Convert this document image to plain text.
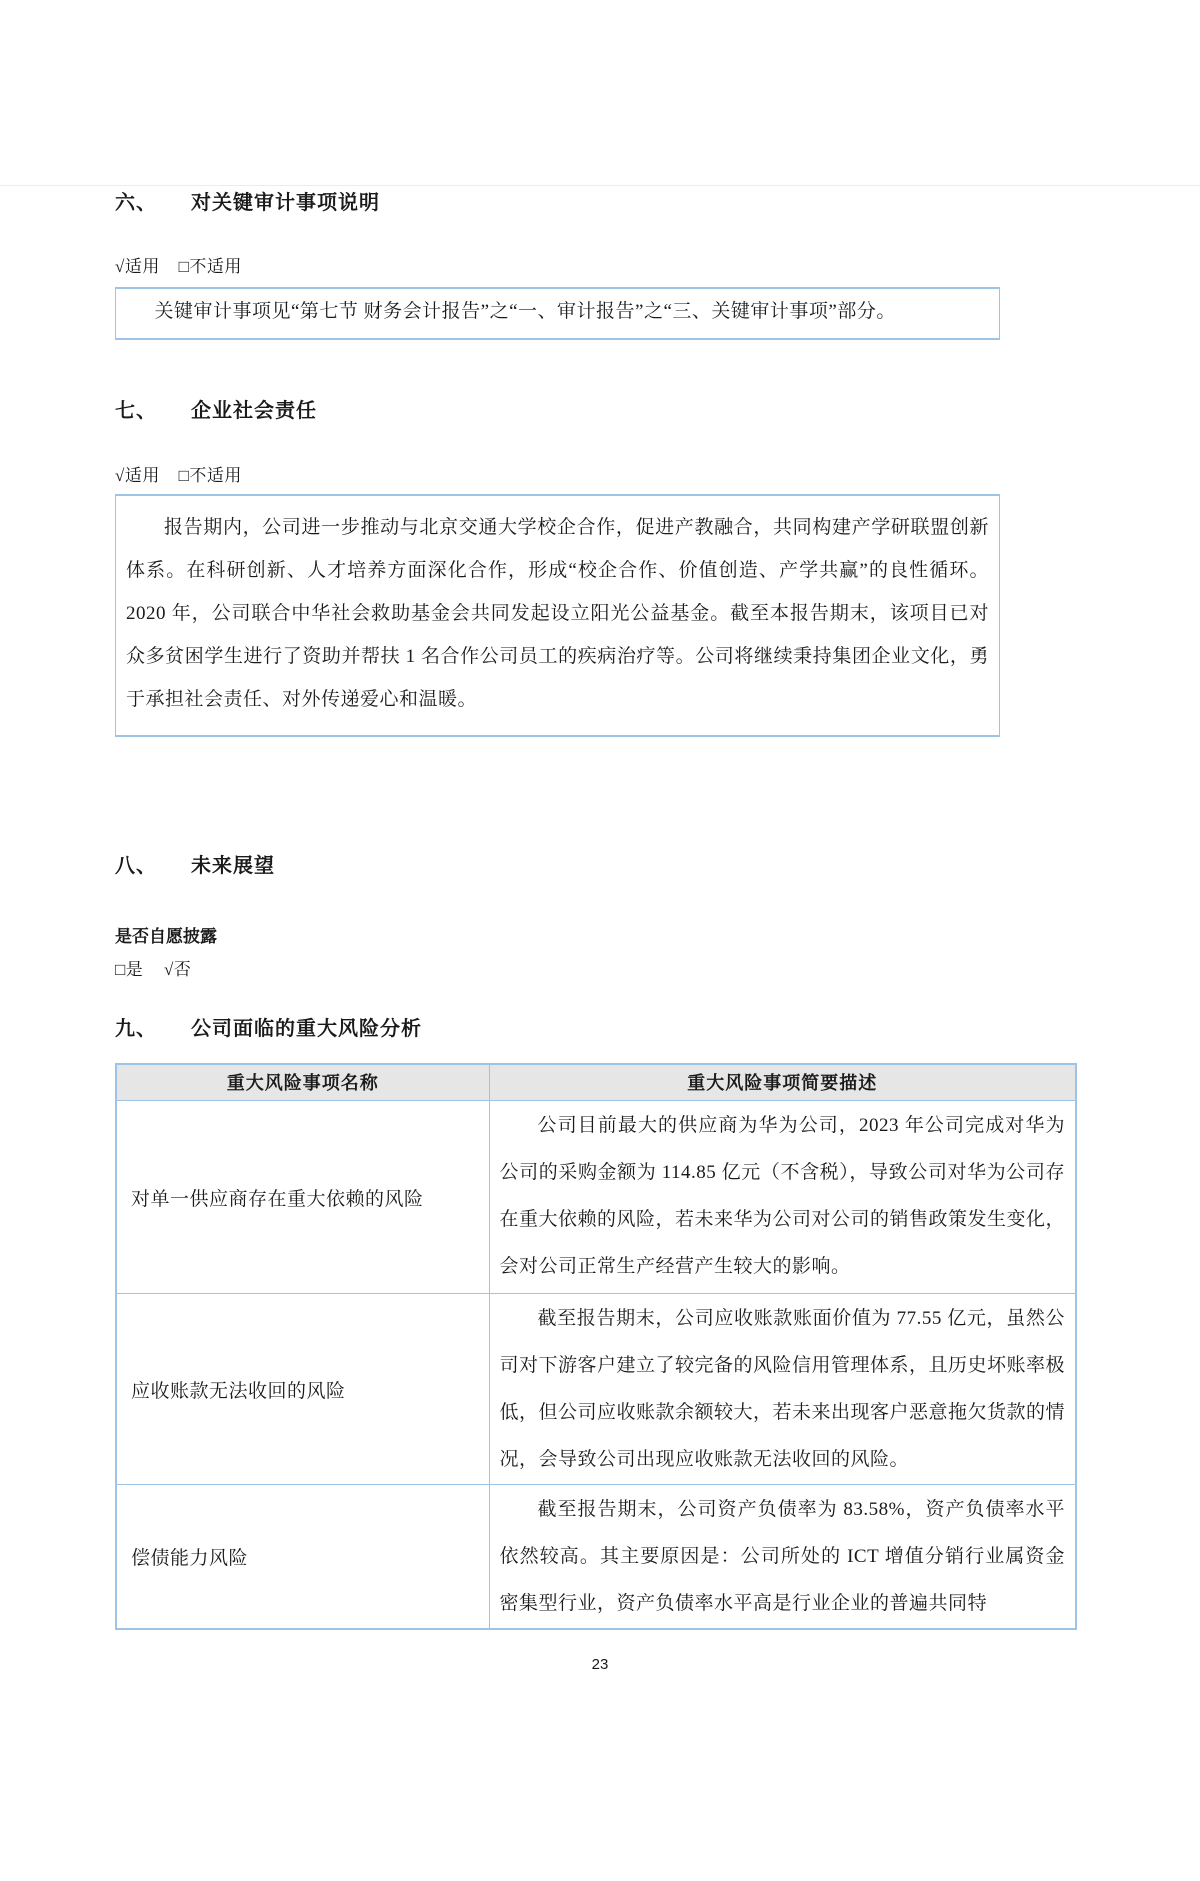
六、	对关键审计事项说明
√适用 □不适用

关键审计事项见“第七节 财务会计报告”之“一、审计报告”之“三、关键审计事项”部分。

七、	企业社会责任
√适用 □不适用

报告期内，公司进一步推动与北京交通大学校企合作，促进产教融合，共同构建产学研联盟创新体系。在科研创新、人才培养方面深化合作，形成“校企合作、价值创造、产学共赢”的良性循环。2020 年，公司联合中华社会救助基金会共同发起设立阳光公益基金。截至本报告期末，该项目已对众多贫困学生进行了资助并帮扶 1 名合作公司员工的疾病治疗等。公司将继续秉持集团企业文化，勇于承担社会责任、对外传递爱心和温暖。

八、	未来展望
是否自愿披露
□是 √否
九、	公司面临的重大风险分析
重大风险事项名称	重大风险事项简要描述
对单一供应商存在重大依赖的风险	公司目前最大的供应商为华为公司，2023 年公司完成对华为公司的采购金额为 114.85 亿元（不含税），导致公司对华为公司存在重大依赖的风险，若未来华为公司对公司的销售政策发生变化，会对公司正常生产经营产生较大的影响。

应收账款无法收回的风险	截至报告期末，公司应收账款账面价值为 77.55 亿元，虽然公司对下游客户建立了较完备的风险信用管理体系，且历史坏账率极低，但公司应收账款余额较大，若未来出现客户恶意拖欠货款的情况，会导致公司出现应收账款无法收回的风险。

偿债能力风险	截至报告期末，公司资产负债率为 83.58%，资产负债率水平依然较高。其主要原因是：公司所处的 ICT 增值分销行业属资金密集型行业，资产负债率水平高是行业企业的普遍共同特
23
